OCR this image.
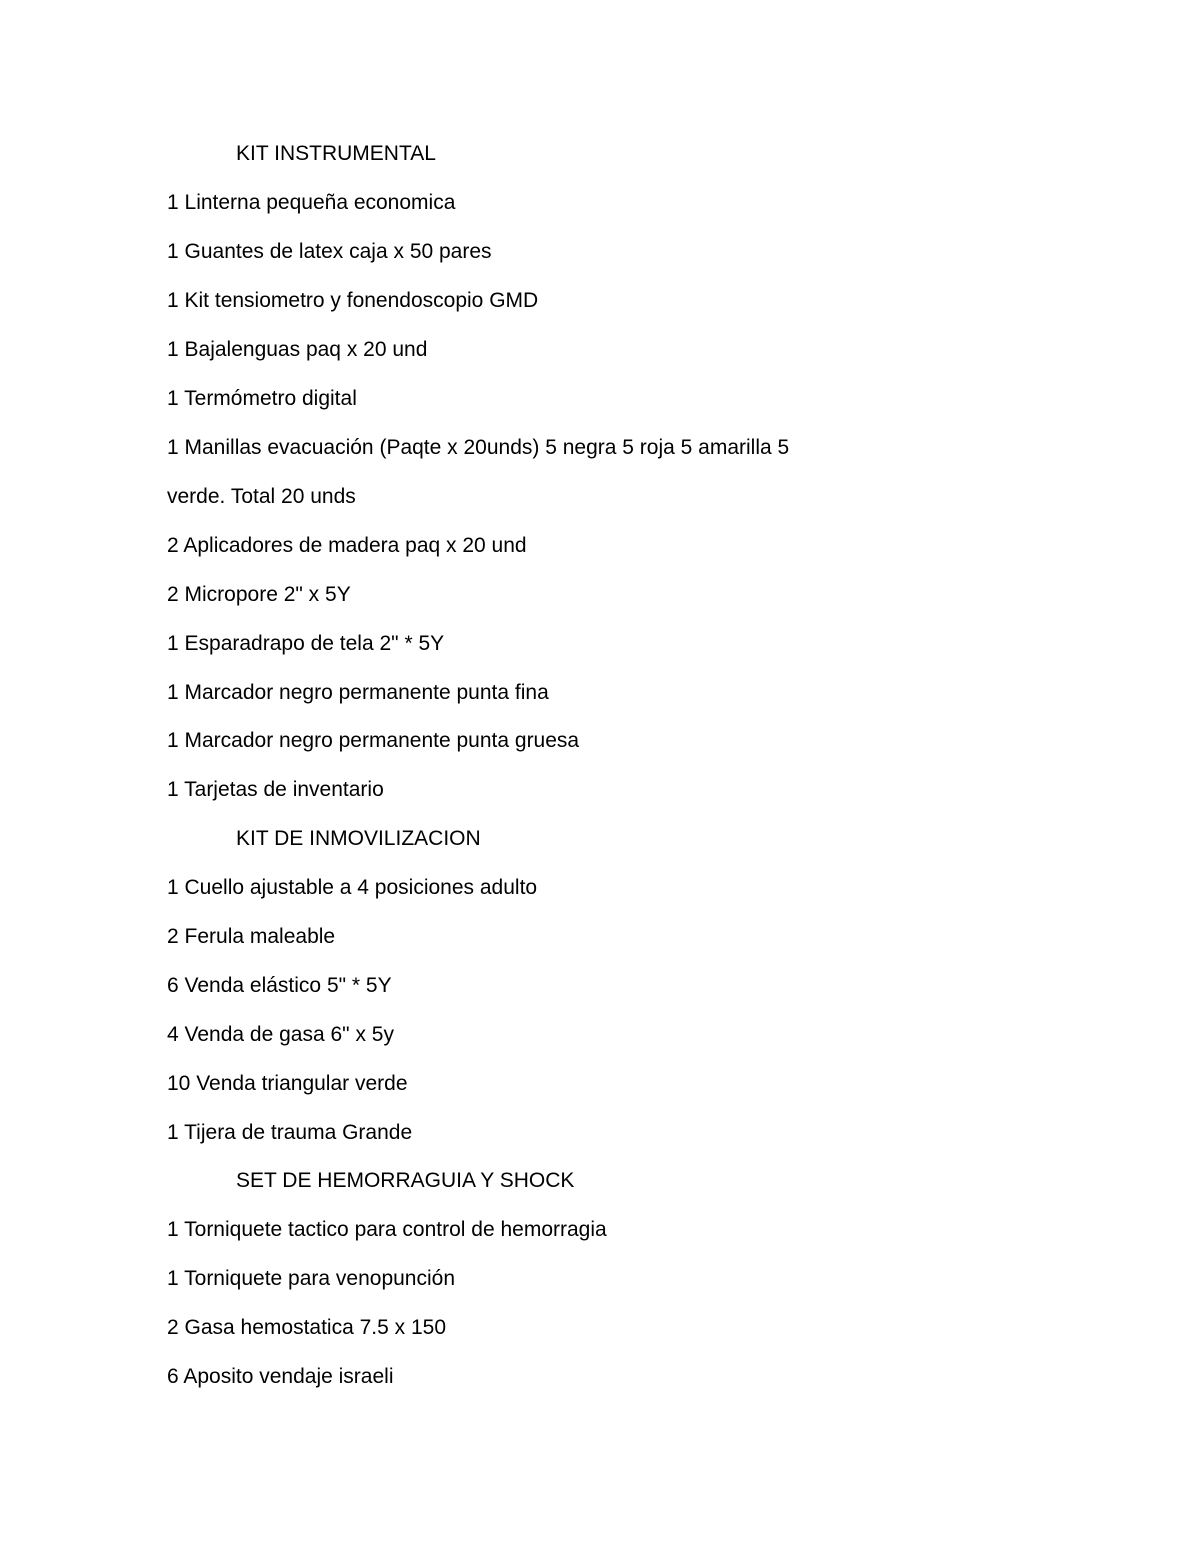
KIT INSTRUMENTAL
1 Linterna pequeña economica
1 Guantes de latex caja x 50 pares
1 Kit tensiometro y fonendoscopio GMD
1 Bajalenguas paq x 20 und
1 Termómetro digital
1 Manillas evacuación (Paqte x 20unds) 5 negra 5 roja 5 amarilla 5
verde. Total 20 unds
2 Aplicadores de madera paq x 20 und
2 Micropore 2" x 5Y
1 Esparadrapo de tela 2" * 5Y
1 Marcador negro permanente punta fina
1 Marcador negro permanente punta gruesa
1 Tarjetas de inventario
KIT DE INMOVILIZACION
1 Cuello ajustable a 4 posiciones adulto
2 Ferula maleable
6 Venda elástico 5" * 5Y
4 Venda de gasa 6" x 5y
10 Venda triangular verde
1 Tijera de trauma Grande
SET DE HEMORRAGUIA Y SHOCK
1 Torniquete tactico para control de hemorragia
1 Torniquete para venopunción
2 Gasa hemostatica 7.5 x 150
6 Aposito vendaje israeli
